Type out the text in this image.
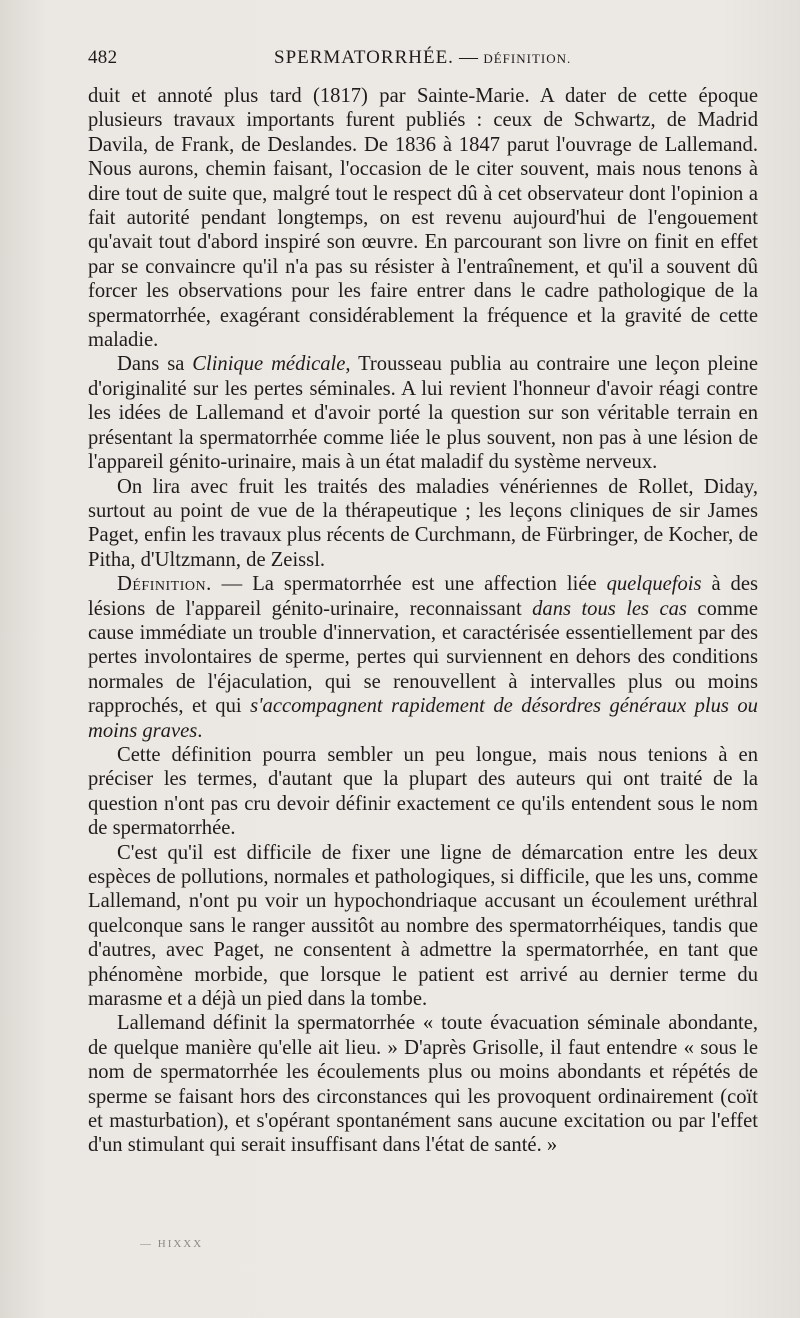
482	SPERMATORRHÉE. — DÉFINITION.

duit et annoté plus tard (1817) par Sainte-Marie. A dater de cette époque plusieurs travaux importants furent publiés : ceux de Schwartz, de Madrid Davila, de Frank, de Deslandes. De 1836 à 1847 parut l'ouvrage de Lallemand. Nous aurons, chemin faisant, l'occasion de le citer souvent, mais nous tenons à dire tout de suite que, malgré tout le respect dû à cet observateur dont l'opinion a fait autorité pendant longtemps, on est revenu aujourd'hui de l'engouement qu'avait tout d'abord inspiré son œuvre. En parcourant son livre on finit en effet par se convaincre qu'il n'a pas su résister à l'entraînement, et qu'il a souvent dû forcer les observations pour les faire entrer dans le cadre pathologique de la spermatorrhée, exagérant considérablement la fréquence et la gravité de cette maladie.

Dans sa Clinique médicale, Trousseau publia au contraire une leçon pleine d'originalité sur les pertes séminales. A lui revient l'honneur d'avoir réagi contre les idées de Lallemand et d'avoir porté la question sur son véritable terrain en présentant la spermatorrhée comme liée le plus souvent, non pas à une lésion de l'appareil génito-urinaire, mais à un état maladif du système nerveux.

On lira avec fruit les traités des maladies vénériennes de Rollet, Diday, surtout au point de vue de la thérapeutique ; les leçons cliniques de sir James Paget, enfin les travaux plus récents de Curchmann, de Fürbringer, de Kocher, de Pitha, d'Ultzmann, de Zeissl.

Définition. — La spermatorrhée est une affection liée quelquefois à des lésions de l'appareil génito-urinaire, reconnaissant dans tous les cas comme cause immédiate un trouble d'innervation, et caractérisée essentiellement par des pertes involontaires de sperme, pertes qui surviennent en dehors des conditions normales de l'éjaculation, qui se renouvellent à intervalles plus ou moins rapprochés, et qui s'accompagnent rapidement de désordres généraux plus ou moins graves.

Cette définition pourra sembler un peu longue, mais nous tenions à en préciser les termes, d'autant que la plupart des auteurs qui ont traité de la question n'ont pas cru devoir définir exactement ce qu'ils entendent sous le nom de spermatorrhée.

C'est qu'il est difficile de fixer une ligne de démarcation entre les deux espèces de pollutions, normales et pathologiques, si difficile, que les uns, comme Lallemand, n'ont pu voir un hypochondriaque accusant un écoulement uréthral quelconque sans le ranger aussitôt au nombre des spermatorrhéiques, tandis que d'autres, avec Paget, ne consentent à admettre la spermatorrhée, en tant que phénomène morbide, que lorsque le patient est arrivé au dernier terme du marasme et a déjà un pied dans la tombe.

Lallemand définit la spermatorrhée « toute évacuation séminale abondante, de quelque manière qu'elle ait lieu. » D'après Grisolle, il faut entendre « sous le nom de spermatorrhée les écoulements plus ou moins abondants et répétés de sperme se faisant hors des circonstances qui les provoquent ordinairement (coït et masturbation), et s'opérant spontanément sans aucune excitation ou par l'effet d'un stimulant qui serait insuffisant dans l'état de santé. »

— HIXXX
